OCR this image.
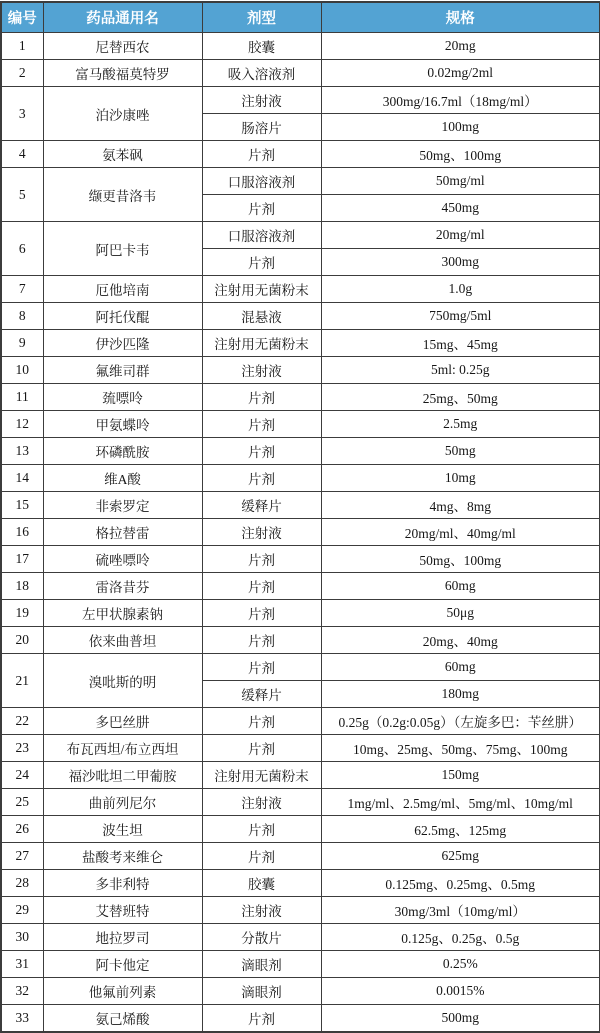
编号	药品通用名	剂型	规格
1	尼替西农	胶囊	20mg
2	富马酸福莫特罗	吸入溶液剂	0.02mg/2ml
3	泊沙康唑	注射液	300mg/16.7ml（18mg/ml）
		肠溶片	100mg
4	氨苯砜	片剂	50mg、100mg
5	缬更昔洛韦	口服溶液剂	50mg/ml
		片剂	450mg
6	阿巴卡韦	口服溶液剂	20mg/ml
		片剂	300mg
7	厄他培南	注射用无菌粉末	1.0g
8	阿托伐醌	混悬液	750mg/5ml
9	伊沙匹隆	注射用无菌粉末	15mg、45mg
10	氟维司群	注射液	5ml: 0.25g
11	巯嘌呤	片剂	25mg、50mg
12	甲氨蝶呤	片剂	2.5mg
13	环磷酰胺	片剂	50mg
14	维A酸	片剂	10mg
15	非索罗定	缓释片	4mg、8mg
16	格拉替雷	注射液	20mg/ml、40mg/ml
17	硫唑嘌呤	片剂	50mg、100mg
18	雷洛昔芬	片剂	60mg
19	左甲状腺素钠	片剂	50μg
20	依来曲普坦	片剂	20mg、40mg
21	溴吡斯的明	片剂	60mg
		缓释片	180mg
22	多巴丝肼	片剂	0.25g（0.2g:0.05g）（左旋多巴：苄丝肼）
23	布瓦西坦/布立西坦	片剂	10mg、25mg、50mg、75mg、100mg
24	福沙吡坦二甲葡胺	注射用无菌粉末	150mg
25	曲前列尼尔	注射液	1mg/ml、2.5mg/ml、5mg/ml、10mg/ml
26	波生坦	片剂	62.5mg、125mg
27	盐酸考来维仑	片剂	625mg
28	多非利特	胶囊	0.125mg、0.25mg、0.5mg
29	艾替班特	注射液	30mg/3ml（10mg/ml）
30	地拉罗司	分散片	0.125g、0.25g、0.5g
31	阿卡他定	滴眼剂	0.25%
32	他氟前列素	滴眼剂	0.0015%
33	氨己烯酸	片剂	500mg
